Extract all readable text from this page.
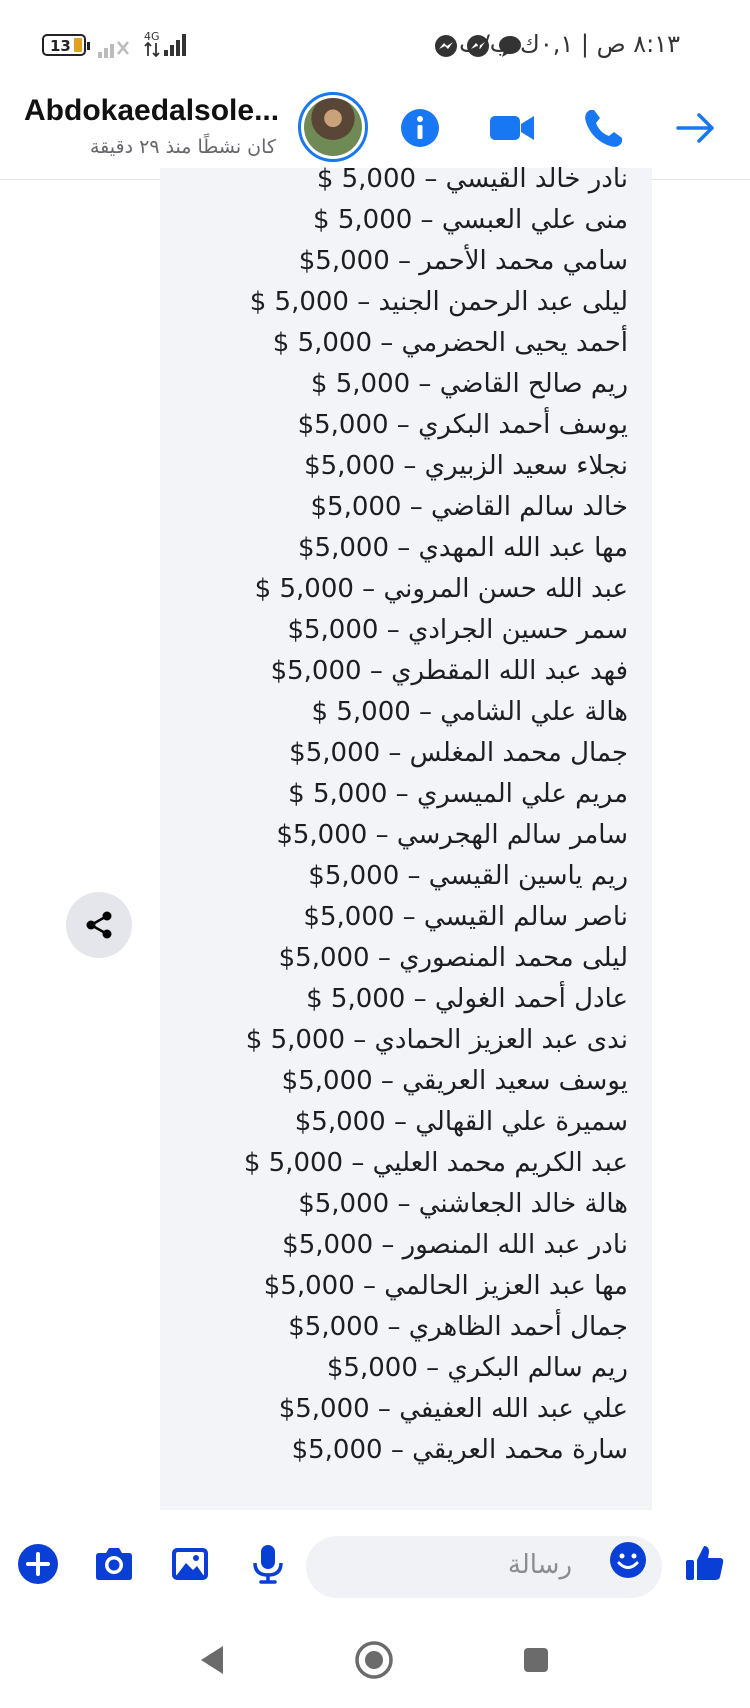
13
4G	٨:١٣ ص | ٠,١ك.ب/ث
Abdokaedalsole...
كان نشطًا منذ ٢٩ دقيقة
نادر خالد القيسي – 5,000 $
منى علي العبسي – 5,000 $
سامي محمد الأحمر – 5,000$
ليلى عبد الرحمن الجنيد – 5,000 $
أحمد يحيى الحضرمي – 5,000 $
ريم صالح القاضي – 5,000 $
يوسف أحمد البكري – 5,000$
نجلاء سعيد الزبيري – 5,000$
خالد سالم القاضي – 5,000$
مها عبد الله المهدي – 5,000$
عبد الله حسن المروني – 5,000 $
سمر حسين الجرادي – 5,000$
فهد عبد الله المقطري – 5,000$
هالة علي الشامي – 5,000 $
جمال محمد المغلس – 5,000$
مريم علي الميسري – 5,000 $
سامر سالم الهجرسي – 5,000$
ريم ياسين القيسي – 5,000$
ناصر سالم القيسي – 5,000$
ليلى محمد المنصوري – 5,000$
عادل أحمد الغولي – 5,000 $
ندى عبد العزيز الحمادي – 5,000 $
يوسف سعيد العريقي – 5,000$
سميرة علي القهالي – 5,000$
عبد الكريم محمد العليي – 5,000 $
هالة خالد الجعاشني – 5,000$
نادر عبد الله المنصور – 5,000$
مها عبد العزيز الحالمي – 5,000$
جمال أحمد الظاهري – 5,000$
ريم سالم البكري – 5,000$
علي عبد الله العفيفي – 5,000$
سارة محمد العريقي – 5,000$
رسالة
